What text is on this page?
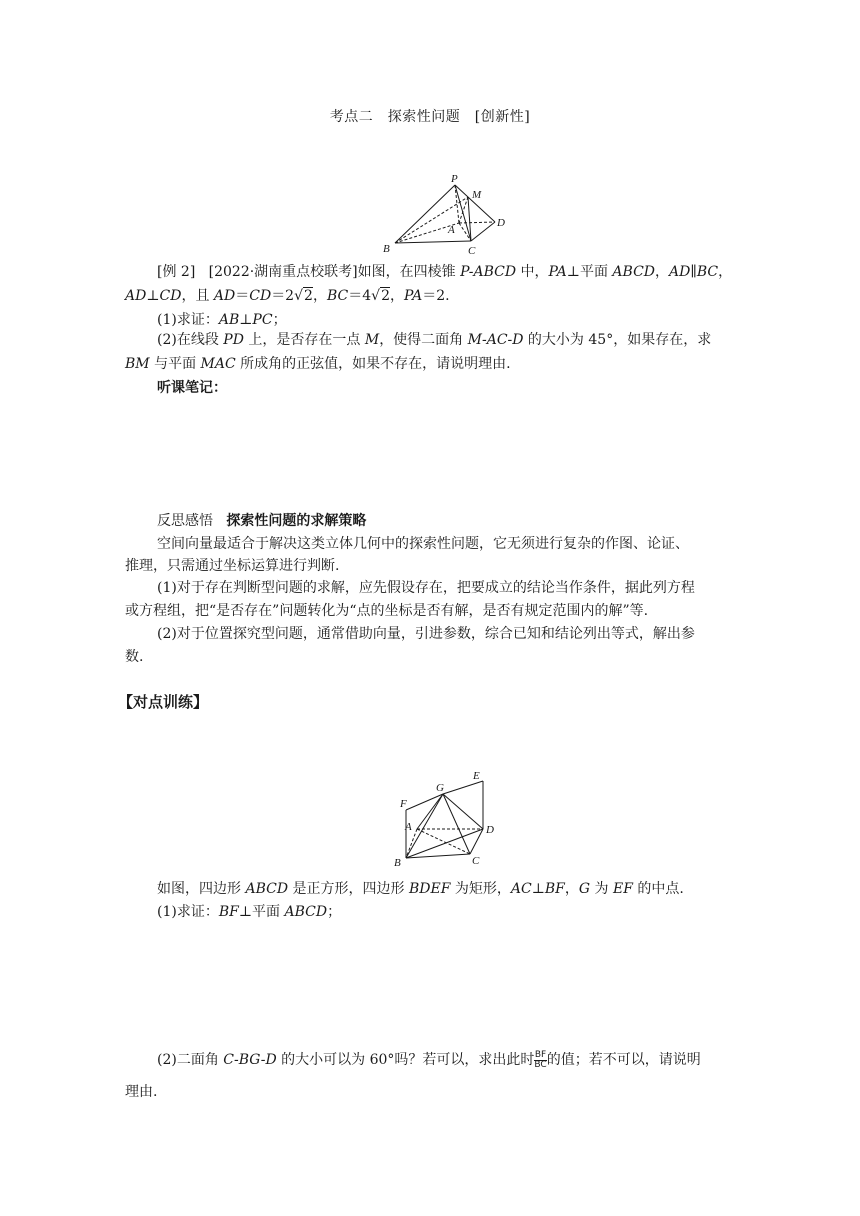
考点二　探索性问题　[创新性]
P
M
D
A
B	C
[例 2] [2022·湖南重点校联考]如图，在四棱锥 P-ABCD 中，PA⊥平面 ABCD，AD∥BC，
AD⊥CD，且 AD＝CD＝2√2，BC＝4√2，PA＝2.
(1)求证：AB⊥PC；
(2)在线段 PD 上，是否存在一点 M，使得二面角 M-AC-D 的大小为 45°，如果存在，求
BM 与平面 MAC 所成角的正弦值，如果不存在，请说明理由.
听课笔记：
反思感悟 探索性问题的求解策略
空间向量最适合于解决这类立体几何中的探索性问题，它无须进行复杂的作图、论证、
推理，只需通过坐标运算进行判断.
(1)对于存在判断型问题的求解，应先假设存在，把要成立的结论当作条件，据此列方程
或方程组，把“是否存在”问题转化为“点的坐标是否有解，是否有规定范围内的解”等.
(2)对于位置探究型问题，通常借助向量，引进参数，综合已知和结论列出等式，解出参
数.
【对点训练】
E
G
F
A	D
B	C
如图，四边形 ABCD 是正方形，四边形 BDEF 为矩形，AC⊥BF，G 为 EF 的中点.
(1)求证：BF⊥平面 ABCD；
(2)二面角 C-BG-D 的大小可以为 60°吗？若可以，求出此时 $\frac{BF}{BC}$ 的值；若不可以，请说明
理由.
